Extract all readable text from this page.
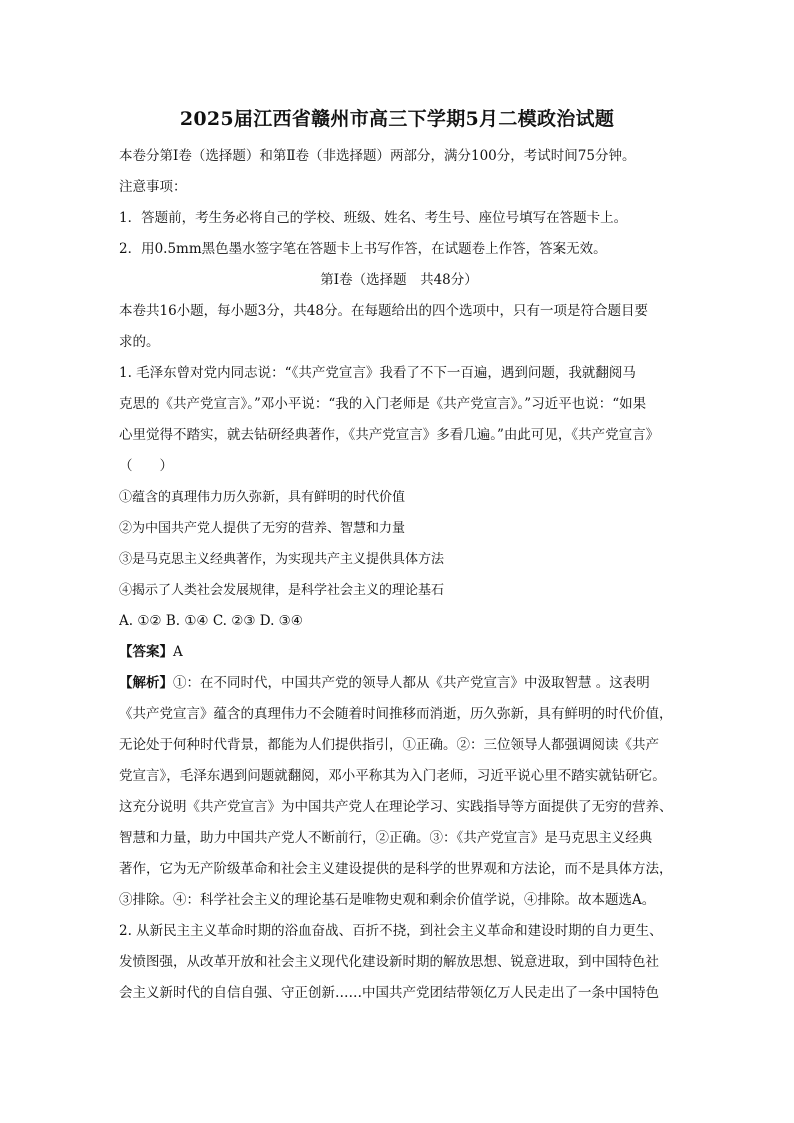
2025届江西省赣州市高三下学期5月二模政治试题
本卷分第Ⅰ卷（选择题）和第Ⅱ卷（非选择题）两部分，满分100分，考试时间75分钟。
注意事项：
1．答题前，考生务必将自己的学校、班级、姓名、考生号、座位号填写在答题卡上。
2．用0.5mm黑色墨水签字笔在答题卡上书写作答，在试题卷上作答，答案无效。
第Ⅰ卷（选择题　共48分）
本卷共16小题，每小题3分，共48分。在每题给出的四个选项中，只有一项是符合题目要
求的。
1. 毛泽东曾对党内同志说：“《共产党宣言》我看了不下一百遍，遇到问题，我就翻阅马
克思的《共产党宣言》。”邓小平说：“我的入门老师是《共产党宣言》。”习近平也说：“如果
心里觉得不踏实，就去钻研经典著作，《共产党宣言》多看几遍。”由此可见，《共产党宣言》
（　　）
①蕴含的真理伟力历久弥新，具有鲜明的时代价值
②为中国共产党人提供了无穷的营养、智慧和力量
③是马克思主义经典著作，为实现共产主义提供具体方法
④揭示了人类社会发展规律，是科学社会主义的理论基石
A. ①② B. ①④ C. ②③ D. ③④
【答案】A
【解析】①：在不同时代，中国共产党的领导人都从《共产党宣言》中汲取智慧 。这表明
《共产党宣言》蕴含的真理伟力不会随着时间推移而消逝，历久弥新，具有鲜明的时代价值，
无论处于何种时代背景，都能为人们提供指引，①正确。②：三位领导人都强调阅读《共产
党宣言》，毛泽东遇到问题就翻阅，邓小平称其为入门老师，习近平说心里不踏实就钻研它。
这充分说明《共产党宣言》为中国共产党人在理论学习、实践指导等方面提供了无穷的营养、
智慧和力量，助力中国共产党人不断前行，②正确。③：《共产党宣言》是马克思主义经典
著作，它为无产阶级革命和社会主义建设提供的是科学的世界观和方法论，而不是具体方法，
③排除。④：科学社会主义的理论基石是唯物史观和剩余价值学说，④排除。故本题选A。
2. 从新民主主义革命时期的浴血奋战、百折不挠，到社会主义革命和建设时期的自力更生、
发愤图强，从改革开放和社会主义现代化建设新时期的解放思想、锐意进取，到中国特色社
会主义新时代的自信自强、守正创新……中国共产党团结带领亿万人民走出了一条中国特色
